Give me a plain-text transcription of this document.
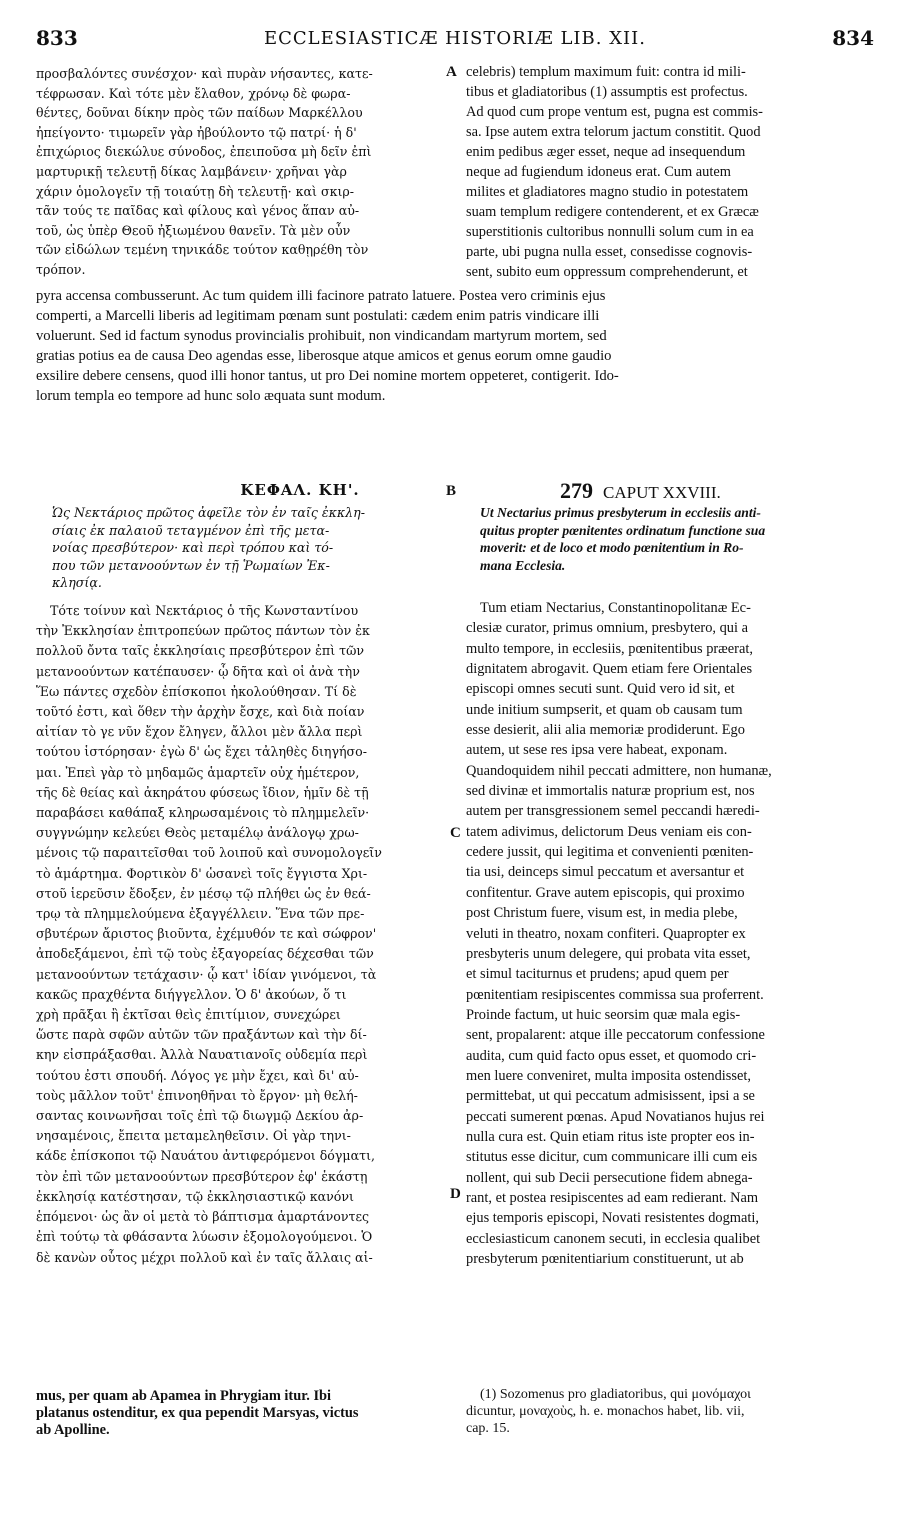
833	ECCLESIASTICÆ HISTORIÆ LIB. XII.	834
προσβαλόντες συνέσχον· καὶ πυρὰν νήσαντες, κατε-
τέφρωσαν. Καὶ τότε μὲν ἔλαθον, χρόνῳ δὲ φωρα-
θέντες, δοῦναι δίκην πρὸς τῶν παίδων Μαρκέλλου
ἠπείγοντο· τιμωρεῖν γὰρ ἠβούλοντο τῷ πατρί· ἡ δ'
ἐπιχώριος διεκώλυε σύνοδος, ἐπειποῦσα μὴ δεῖν ἐπὶ
μαρτυρικῇ τελευτῇ δίκας λαμβάνειν· χρῆναι γὰρ
χάριν ὁμολογεῖν τῇ τοιαύτῃ δὴ τελευτῇ· καὶ σκιρ-
τᾶν τούς τε παῖδας καὶ φίλους καὶ γένος ἅπαν αὐ-
τοῦ, ὡς ὑπὲρ Θεοῦ ἠξιωμένου θανεῖν. Τὰ μὲν οὖν
τῶν εἰδώλων τεμένη τηνικάδε τούτον καθῃρέθη τὸν
τρόπον.
A celebris) templum maximum fuit: contra id mili-
tibus et gladiatoribus (1) assumptis est profectus.
Ad quod cum prope ventum est, pugna est commis-
sa. Ipse autem extra telorum jactum constitit. Quod
enim pedibus æger esset, neque ad insequendum
neque ad fugiendum idoneus erat. Cum autem
milites et gladiatores magno studio in potestatem
suam templum redigere contenderent, et ex Græcæ
superstitionis cultoribus nonnulli solum cum in ea
parte, ubi pugna nulla esset, consedisse cognovis-
sent, subito eum oppressum comprehenderunt, et
pyra accensa combusserunt. Ac tum quidem illi facinore patrato latuere. Postea vero criminis ejus
comperti, a Marcelli liberis ad legitimam pœnam sunt postulati: cædem enim patris vindicare illi
voluerunt. Sed id factum synodus provincialis prohibuit, non vindicandam martyrum mortem, sed
gratias potius ea de causa Deo agendas esse, liberosque atque amicos et genus eorum omne gaudio
exsilire debere censens, quod illi honor tantus, ut pro Dei nomine mortem oppeteret, contigerit. Ido-
lorum templa eo tempore ad hunc solo æquata sunt modum.
ΚΕΦΑΛ. ΚΗ'.	B	279 CAPUT XXVIII.
Ὡς Νεκτάριος πρῶτος ἀφεῖλε τὸν ἐν ταῖς ἐκκλη-
σίαις ἐκ παλαιοῦ τεταγμένον ἐπὶ τῆς μετα-
νοίας πρεσβύτερον· καὶ περὶ τρόπου καὶ τό-
που τῶν μετανοούντων ἐν τῇ Ῥωμαίων Ἐκ-
κλησίᾳ.
Ut Nectarius primus presbyterum in ecclesiis anti-
quitus propter pœnitentes ordinatum functione sua
moverit: et de loco et modo pœnitentium in Ro-
mana Ecclesia.
Τότε τοίνυν καὶ Νεκτάριος ὁ τῆς Κωνσταντίνου
τὴν Ἐκκλησίαν ἐπιτροπεύων πρῶτος πάντων τὸν ἐκ
πολλοῦ ὄντα ταῖς ἐκκλησίαις πρεσβύτερον ἐπὶ τῶν
μετανοούντων κατέπαυσεν· ᾧ δῆτα καὶ οἱ ἀνὰ τὴν
Ἕω πάντες σχεδὸν ἐπίσκοποι ἠκολούθησαν. Τί δὲ
τοῦτό ἐστι, καὶ ὅθεν τὴν ἀρχὴν ἔσχε, καὶ διὰ ποίαν
αἰτίαν τὸ γε νῦν ἔχον ἔληγεν, ἄλλοι μὲν ἄλλα περὶ
τούτου ἱστόρησαν· ἐγὼ δ' ὡς ἔχει τἀληθὲς διηγήσο-
μαι. Ἐπεὶ γὰρ τὸ μηδαμῶς ἁμαρτεῖν οὐχ ἡμέτερον,
τῆς δὲ θείας καὶ ἀκηράτου φύσεως ἴδιον, ἡμῖν δὲ τῇ
παραβάσει καθάπαξ κληρωσαμένοις τὸ πλημμελεῖν·
συγγνώμην κελεύει Θεὸς μεταμέλῳ ἀνάλογῳ χρω-
μένοις τῷ παραιτεῖσθαι τοῦ λοιποῦ καὶ συνομολογεῖν
τὸ ἁμάρτημα. Φορτικὸν δ' ὡσανεὶ τοῖς ἔγγιστα Χρι-
στοῦ ἱερεῦσιν ἔδοξεν, ἐν μέσῳ τῷ πλήθει ὡς ἐν θεά-
τρῳ τὰ πλημμελούμενα ἐξαγγέλλειν. Ἕνα τῶν πρε-
σβυτέρων ἄριστος βιοῦντα, ἐχέμυθόν τε καὶ σώφρον'
ἀποδεξάμενοι, ἐπὶ τῷ τοὺς ἐξαγορείας δέχεσθαι τῶν
μετανοούντων τετάχασιν· ᾧ κατ' ἰδίαν γινόμενοι, τὰ
κακῶς πραχθέντα διήγγελλον. Ὁ δ' ἀκούων, ὅ τι
χρὴ πρᾶξαι ἢ ἐκτῖσαι θεὶς ἐπιτίμιον, συνεχώρει
ὥστε παρὰ σφῶν αὐτῶν τῶν πραξάντων καὶ τὴν δί-
κην εἰσπράξασθαι. Ἀλλὰ Ναυατιανοῖς οὐδεμία περὶ
τούτου ἐστι σπουδή. Λόγος γε μὴν ἔχει, καὶ δι' αὐ-
τοὺς μᾶλλον τοῦτ' ἐπινοηθῆναι τὸ ἔργον· μὴ θελή-
σαντας κοινωνῆσαι τοῖς ἐπὶ τῷ διωγμῷ Δεκίου ἀρ-
νησαμένοις, ἔπειτα μεταμεληθεῖσιν. Οἱ γὰρ τηνι-
κάδε ἐπίσκοποι τῷ Ναυάτου ἀντιφερόμενοι δόγματι,
τὸν ἐπὶ τῶν μετανοούντων πρεσβύτερον ἐφ' ἑκάστῃ
ἐκκλησίᾳ κατέστησαν, τῷ ἐκκλησιαστικῷ κανόνι
ἑπόμενοι· ὡς ἂν οἱ μετὰ τὸ βάπτισμα ἁμαρτάνοντες
ἐπὶ τούτῳ τὰ φθάσαντα λύωσιν ἐξομολογούμενοι. Ὁ
δὲ κανὼν οὗτος μέχρι πολλοῦ καὶ ἐν ταῖς ἄλλαις αἱ-
C
D
Tum etiam Nectarius, Constantinopolitanæ Ec-
clesiæ curator, primus omnium, presbytero, qui a
multo tempore, in ecclesiis, pœnitentibus præerat,
dignitatem abrogavit. Quem etiam fere Orientales
episcopi omnes secuti sunt. Quid vero id sit, et
unde initium sumpserit, et quam ob causam tum
esse desierit, alii alia memoriæ prodiderunt. Ego
autem, ut sese res ipsa vere habeat, exponam.
Quandoquidem nihil peccati admittere, non humanæ,
sed divinæ et immortalis naturæ proprium est, nos
autem per transgressionem semel peccandi hæredi-
tatem adivimus, delictorum Deus veniam eis con-
cedere jussit, qui legitima et convenienti pœniten-
tia usi, deinceps simul peccatum et aversantur et
confitentur. Grave autem episcopis, qui proximo
post Christum fuere, visum est, in media plebe,
veluti in theatro, noxam confiteri. Quapropter ex
presbyteris unum delegere, qui probata vita esset,
et simul taciturnus et prudens; apud quem per
pœnitentiam resipiscentes commissa sua proferrent.
Proinde factum, ut huic seorsim quæ mala egis-
sent, propalarent: atque ille peccatorum confessione
audita, cum quid facto opus esset, et quomodo cri-
men luere conveniret, multa imposita ostendisset,
permittebat, ut qui peccatum admisissent, ipsi a se
peccati sumerent pœnas. Apud Novatianos hujus rei
nulla cura est. Quin etiam ritus iste propter eos in-
stitutus esse dicitur, cum communicare illi cum eis
nollent, qui sub Decii persecutione fidem abnega-
rant, et postea resipiscentes ad eam redierant. Nam
ejus temporis episcopi, Novati resistentes dogmati,
ecclesiasticum canonem secuti, in ecclesia qualibet
presbyterum pœnitentiarium constituerunt, ut ab
mus, per quam ab Apamea in Phrygiam itur. Ibi
platanus ostenditur, ex qua pependit Marsyas, victus
ab Apolline.
(1) Sozomenus pro gladiatoribus, qui μονόμαχοι
dicuntur, μοναχοὺς, h. e. monachos habet, lib. vii,
cap. 15.
